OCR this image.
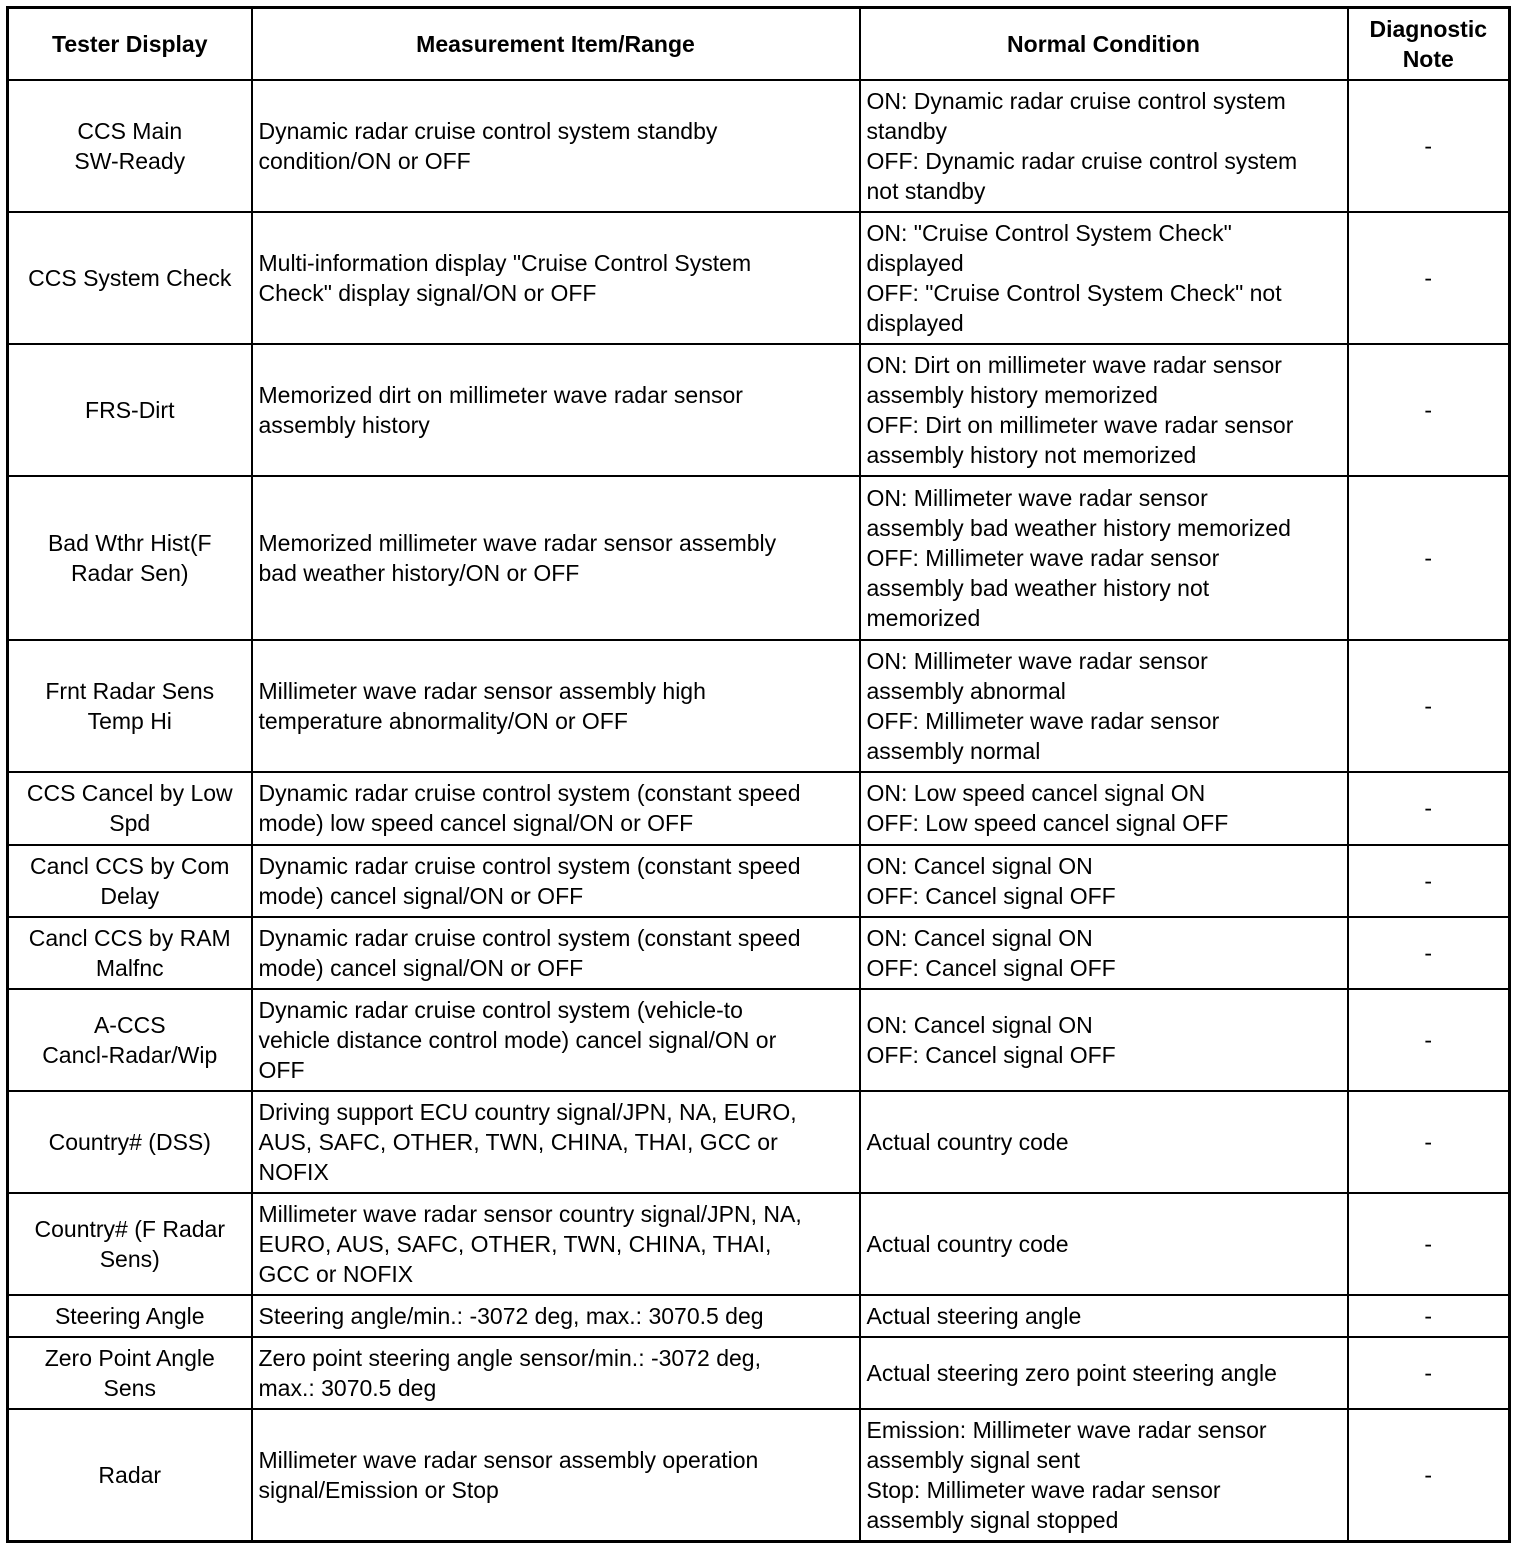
Tester Display	Measurement Item/Range	Normal Condition	Diagnostic
Note
CCS Main
SW-Ready	Dynamic radar cruise control system standby
condition/ON or OFF	ON: Dynamic radar cruise control system
standby
OFF: Dynamic radar cruise control system
not standby	-
CCS System Check	Multi-information display "Cruise Control System
Check" display signal/ON or OFF	ON: "Cruise Control System Check"
displayed
OFF: "Cruise Control System Check" not
displayed	-
FRS-Dirt	Memorized dirt on millimeter wave radar sensor
assembly history	ON: Dirt on millimeter wave radar sensor
assembly history memorized
OFF: Dirt on millimeter wave radar sensor
assembly history not memorized	-
Bad Wthr Hist(F
Radar Sen)	Memorized millimeter wave radar sensor assembly
bad weather history/ON or OFF	ON: Millimeter wave radar sensor
assembly bad weather history memorized
OFF: Millimeter wave radar sensor
assembly bad weather history not
memorized	-
Frnt Radar Sens
Temp Hi	Millimeter wave radar sensor assembly high
temperature abnormality/ON or OFF	ON: Millimeter wave radar sensor
assembly abnormal
OFF: Millimeter wave radar sensor
assembly normal	-
CCS Cancel by Low
Spd	Dynamic radar cruise control system (constant speed
mode) low speed cancel signal/ON or OFF	ON: Low speed cancel signal ON
OFF: Low speed cancel signal OFF	-
Cancl CCS by Com
Delay	Dynamic radar cruise control system (constant speed
mode) cancel signal/ON or OFF	ON: Cancel signal ON
OFF: Cancel signal OFF	-
Cancl CCS by RAM
Malfnc	Dynamic radar cruise control system (constant speed
mode) cancel signal/ON or OFF	ON: Cancel signal ON
OFF: Cancel signal OFF	-
A-CCS
Cancl-Radar/Wip	Dynamic radar cruise control system (vehicle-to
vehicle distance control mode) cancel signal/ON or
OFF	ON: Cancel signal ON
OFF: Cancel signal OFF	-
Country# (DSS)	Driving support ECU country signal/JPN, NA, EURO,
AUS, SAFC, OTHER, TWN, CHINA, THAI, GCC or
NOFIX	Actual country code	-
Country# (F Radar
Sens)	Millimeter wave radar sensor country signal/JPN, NA,
EURO, AUS, SAFC, OTHER, TWN, CHINA, THAI,
GCC or NOFIX	Actual country code	-
Steering Angle	Steering angle/min.: -3072 deg, max.: 3070.5 deg	Actual steering angle	-
Zero Point Angle
Sens	Zero point steering angle sensor/min.: -3072 deg,
max.: 3070.5 deg	Actual steering zero point steering angle	-
Radar	Millimeter wave radar sensor assembly operation
signal/Emission or Stop	Emission: Millimeter wave radar sensor
assembly signal sent
Stop: Millimeter wave radar sensor
assembly signal stopped	-
